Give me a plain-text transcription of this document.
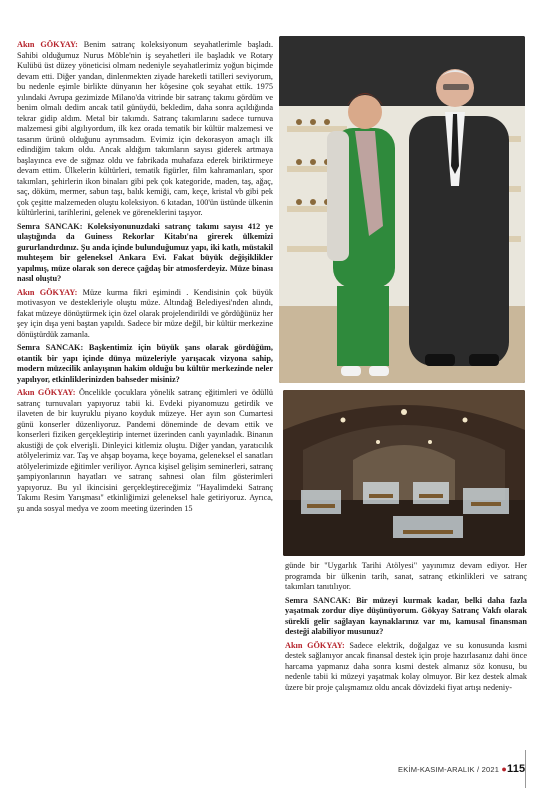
Akın GÖKYAY: Benim satranç koleksiyonum seyahatlerimle başladı. Sahibi olduğumuz Nurus Möble'nin iş seyahetleri ile başladık ve Rotary Kulübü üst düzey yöneticisi olmam nedeniyle seyahatlerimiz yoğun biçimde devam etti. Diğer yandan, dinlenmekten ziyade hareketli tatilleri seviyorum, bu nedenle eşimle birlikte dünyanın her köşesine çok seyahat ettik. 1975 yılındaki Avrupa gezimizde Milano'da vitrinde bir satranç takımı gördüm ve benim olmalı dedim ancak tatil günüydü, bekledim, daha sonra açıldığında tekrar gidip aldım. Metal bir takımdı. Satranç takımlarını sadece turnuva malzemesi gibi algılıyordum, ilk kez orada tematik bir kültür malzemesi ve tasarım ürünü olduğunu ayrımsadım. Evimiz için dekorasyon amaçlı ilk edindiğim takım oldu. Ancak aldığım takımların sayısı giderek artmaya başlayınca eve de sığmaz oldu ve fabrikada muhafaza ederek biriktirmeye devam ettim. Ülkelerin kültürleri, tematik figürler, film kahramanları, spor takımları, şehirlerin ikon binaları gibi pek çok kategoride, maden, taş, ağaç, saç, döküm, mermer, sabun taşı, balık kemiği, cam, keçe, kristal vb gibi pek çok çeşitte malzemeden oluştu koleksiyon. 6 kıtadan, 100'ün üstünde ülkenin kültürlerini, tarihlerini, gelenek ve göreneklerini taşıyor.

Semra SANCAK: Koleksiyonunuzdaki satranç takımı sayısı 412 ye ulaştığında da Guiness Rekorlar Kitabı'na girerek ülkemizi gururlandırdınız. Şu anda içinde bulunduğumuz yapı, iki katlı, müstakil muhteşem bir geleneksel Ankara Evi. Fakat büyük değişiklikler yapılmış, müze olarak son derece çağdaş bir atmosferdeyiz. Müze binası nasıl oluştu?

Akın GÖKYAY: Müze kurma fikri eşimindi . Kendisinin çok büyük motivasyon ve destekleriyle oluştu müze. Altındağ Belediyesi'nden alındı, fakat müzeye dönüştürmek için özel olarak projelendirildi ve gördüğünüz her şey için dışa yeni baştan yapıldı. Sadece bir müze değil, bir kültür merkezine dönüştürdük zamanla.

Semra SANCAK: Başkentimiz için büyük şans olarak gördüğüm, otantik bir yapı içinde dünya müzeleriyle yarışacak vizyona sahip, modern müzecilik anlayışının hakim olduğu bu kültür merkezinde neler yapılıyor, etkinliklerinizden bahseder misiniz?

Akın GÖKYAY: Öncelikle çocuklara yönelik satranç eğitimleri ve ödüllü satranç turnuvaları yapıyoruz tabii ki. Evdeki piyanomuzu getirdik ve ilaveten de bir kuyruklu piyano koyduk müzeye. Her ayın son Cumartesi günü konserler düzenliyoruz. Pandemi döneminde de devam ettik ve konserleri fiziken gerçekleştirip internet üzerinden canlı yayınladık. Binanın akustiği de çok elverişli. Dinleyici kitlemiz oluştu. Diğer yandan, yaratıcılık atölyelerimiz var. Taş ve ahşap boyama, keçe boyama, geleneksel el sanatları atölyelerimizde eğitimler veriliyor. Ayrıca kişisel gelişim seminerleri, satranç şampiyonlarının hayatları ve satranç sahnesi olan film gösterimleri yapıyoruz. Bu yıl ikincisini gerçekleştireceğimiz "Hayalimdeki Satranç Takımı Resim Yarışması" etkinliğimizi geleneksel hale getiriyoruz. Ayrıca, şu anda sosyal medya ve zoom meeting üzerinden 15

günde bir "Uygarlık Tarihi Atölyesi" yayınımız devam ediyor. Her programda bir ülkenin tarih, sanat, satranç etkinlikleri ve satranç takımları tanıtılıyor.

Semra SANCAK: Bir müzeyi kurmak kadar, belki daha fazla yaşatmak zordur diye düşünüyorum. Gökyay Satranç Vakfı olarak sürekli gelir sağlayan kaynaklarınız var mı, kamusal finansman desteği alabiliyor musunuz?

Akın GÖKYAY: Sadece elektrik, doğalgaz ve su konusunda kısmi destek sağlanıyor ancak finansal destek için proje hazırlasanız dahi önce harcama yapmanız daha sonra kısmi destek almanız söz konusu, bu nedenle tabii ki müzeyi yaşatmak kolay olmuyor. Bir kez destek almak üzere bir proje çalışmamız oldu ancak dövizdeki fiyat artışı nedeniy-

EKİM-KASIM-ARALIK / 2021 ●115
